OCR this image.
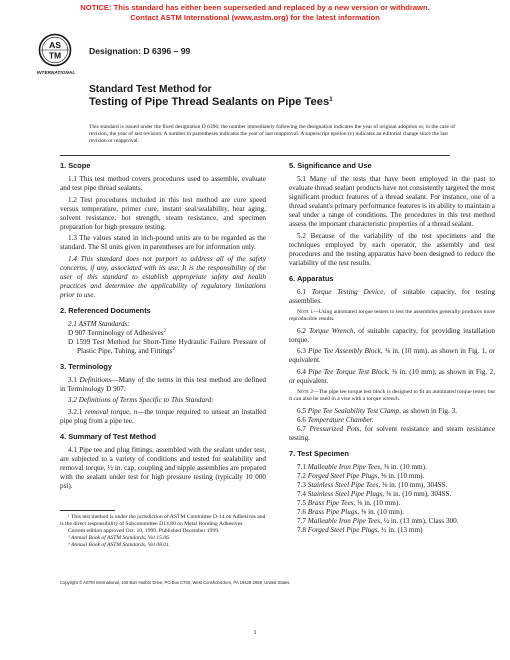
NOTICE: This standard has either been superseded and replaced by a new version or withdrawn.
Contact ASTM International (www.astm.org) for the latest information
AS
TM
INTERNATIONAL
Designation: D 6396 – 99
Standard Test Method for
Testing of Pipe Thread Sealants on Pipe Tees$^1$
This standard is issued under the fixed designation D 6396; the number immediately following the designation indicates the year of original adoption or, in the case of revision, the year of last revision. A number in parentheses indicates the year of last reapproval. A superscript epsilon (ε) indicates an editorial change since the last revision or reapproval.
1. Scope

1.1 This test method covers procedures used to assemble, evaluate and test pipe thread sealants.

1.2 Test procedures included in this test method are cure speed versus temperature, primer cure, instant seal/sealability, heat aging, solvent resistance, hot strength, steam resistance, and specimen preparation for high pressure testing.

1.3 The values stated in inch-pound units are to be regarded as the standard. The SI units given in parentheses are for information only.

1.4 This standard does not purport to address all of the safety concerns, if any, associated with its use. It is the responsibility of the user of this standard to establish appropriate safety and health practices and determine the applicability of regulatory limitations prior to use.

2. Referenced Documents

2.1 ASTM Standards:

D 907 Terminology of Adhesives$^2$

D 1599 Test Method for Short-Time Hydraulic Failure Pressure of Plastic Pipe, Tubing, and Fittings$^3$

3. Terminology

3.1 Definitions—Many of the terms in this test method are defined in Terminology D 907.

3.2 Definitions of Terms Specific to This Standard:

3.2.1 removal torque, n—the torque required to unseat an installed pipe plug from a pipe tee.

4. Summary of Test Method

4.1 Pipe tee and plug fittings, assembled with the sealant under test, are subjected to a variety of conditions and tested for sealability and removal torque, ½ in. cap, coupling and nipple assemblies are prepared with the sealant under test for high pressure testing (typically 10 000 psi).

¹ This test method is under the jurisdiction of ASTM Committee D-14 on Adhesives and is the direct responsibility of Subcommittee D14.80 on Metal Bonding Adhesives.

Current edition approved Oct. 10, 1999. Published December 1999.

² Annual Book of ASTM Standards, Vol 15.06.

³ Annual Book of ASTM Standards, Vol 08.01.

5. Significance and Use

5.1 Many of the tests that have been employed in the past to evaluate thread sealant products have not consistently targeted the most significant product features of a thread sealant. For instance, one of a thread sealant's primary performance features is its ability to maintain a seal under a range of conditions. The procedures in this test method assess the important characteristic properties of a thread sealant.

5.2 Because of the variability of the test specimens and the techniques employed by each operator, the assembly and test procedures and the testing apparatus have been designed to reduce the variability of the test results.

6. Apparatus

6.1 Torque Testing Device, of suitable capacity, for testing assemblies.

Note 1—Using automated torque testers to test the assemblies generally produces more reproducible results.

6.2 Torque Wrench, of suitable capacity, for providing installation torque.

6.3 Pipe Tee Assembly Block, ⅜ in. (10 mm), as shown in Fig. 1, or equivalent.

6.4 Pipe Tee Torque Test Block, ⅜ in. (10 mm), as shown in Fig. 2, or equivalent.

Note 2—The pipe tee torque test block is designed to fit an automated torque tester, but it can also be used in a vise with a torque wrench.

6.5 Pipe Tee Sealability Test Clamp, as shown in Fig. 3.

6.6 Temperature Chamber.

6.7 Pressurized Pots, for solvent resistance and steam resistance testing.

7. Test Specimen

7.1 Malleable Iron Pipe Tees, ⅜ in. (10 mm).

7.2 Forged Steel Pipe Plugs, ⅜ in. (10 mm).

7.3 Stainless Steel Pipe Tees, ⅜ in. (10 mm), 304SS.

7.4 Stainless Steel Pipe Plugs, ⅜ in. (10 mm), 304SS.

7.5 Brass Pipe Tees, ⅜ in. (10 mm).

7.6 Brass Pipe Plugs, ⅜ in. (10 mm).

7.7 Malleable Iron Pipe Tees, ½ in. (13 mm), Class 300.

7.8 Forged Steel Pipe Plugs, ½ in. (13 mm)

Copyright © ASTM International, 100 Barr Harbor Drive, PO Box C700, West Conshohocken, PA 19428-2959, United States.
1
